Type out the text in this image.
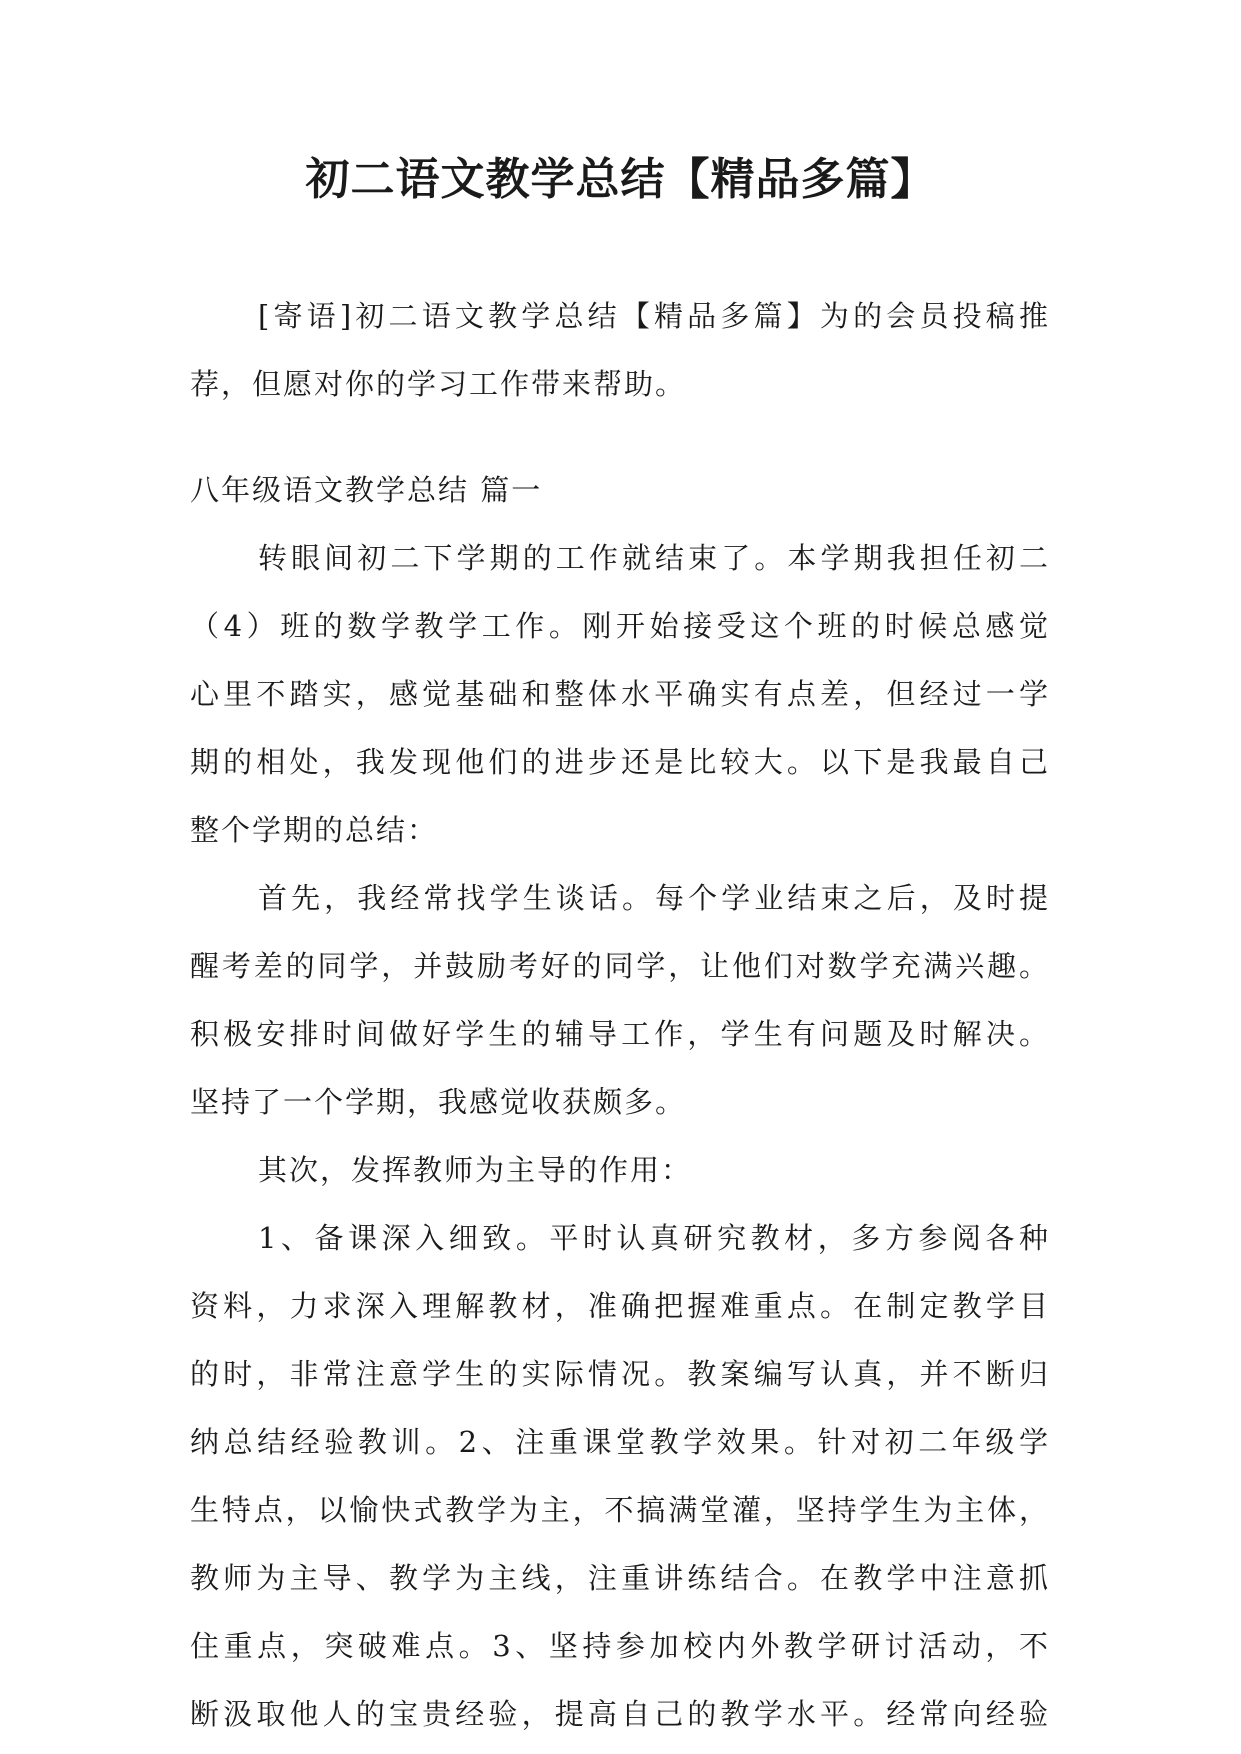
初二语文教学总结【精品多篇】
[寄语]初二语文教学总结【精品多篇】为的会员投稿推
荐，但愿对你的学习工作带来帮助。
八年级语文教学总结 篇一
转眼间初二下学期的工作就结束了。本学期我担任初二
（4）班的数学教学工作。刚开始接受这个班的时候总感觉
心里不踏实，感觉基础和整体水平确实有点差，但经过一学
期的相处，我发现他们的进步还是比较大。以下是我最自己
整个学期的总结：
首先，我经常找学生谈话。每个学业结束之后，及时提
醒考差的同学，并鼓励考好的同学，让他们对数学充满兴趣。
积极安排时间做好学生的辅导工作，学生有问题及时解决。
坚持了一个学期，我感觉收获颇多。
其次，发挥教师为主导的作用：
1、备课深入细致。平时认真研究教材，多方参阅各种
资料，力求深入理解教材，准确把握难重点。在制定教学目
的时，非常注意学生的实际情况。教案编写认真，并不断归
纳总结经验教训。2、注重课堂教学效果。针对初二年级学
生特点，以愉快式教学为主，不搞满堂灌，坚持学生为主体，
教师为主导、教学为主线，注重讲练结合。在教学中注意抓
住重点，突破难点。3、坚持参加校内外教学研讨活动，不
断汲取他人的宝贵经验，提高自己的教学水平。经常向经验
